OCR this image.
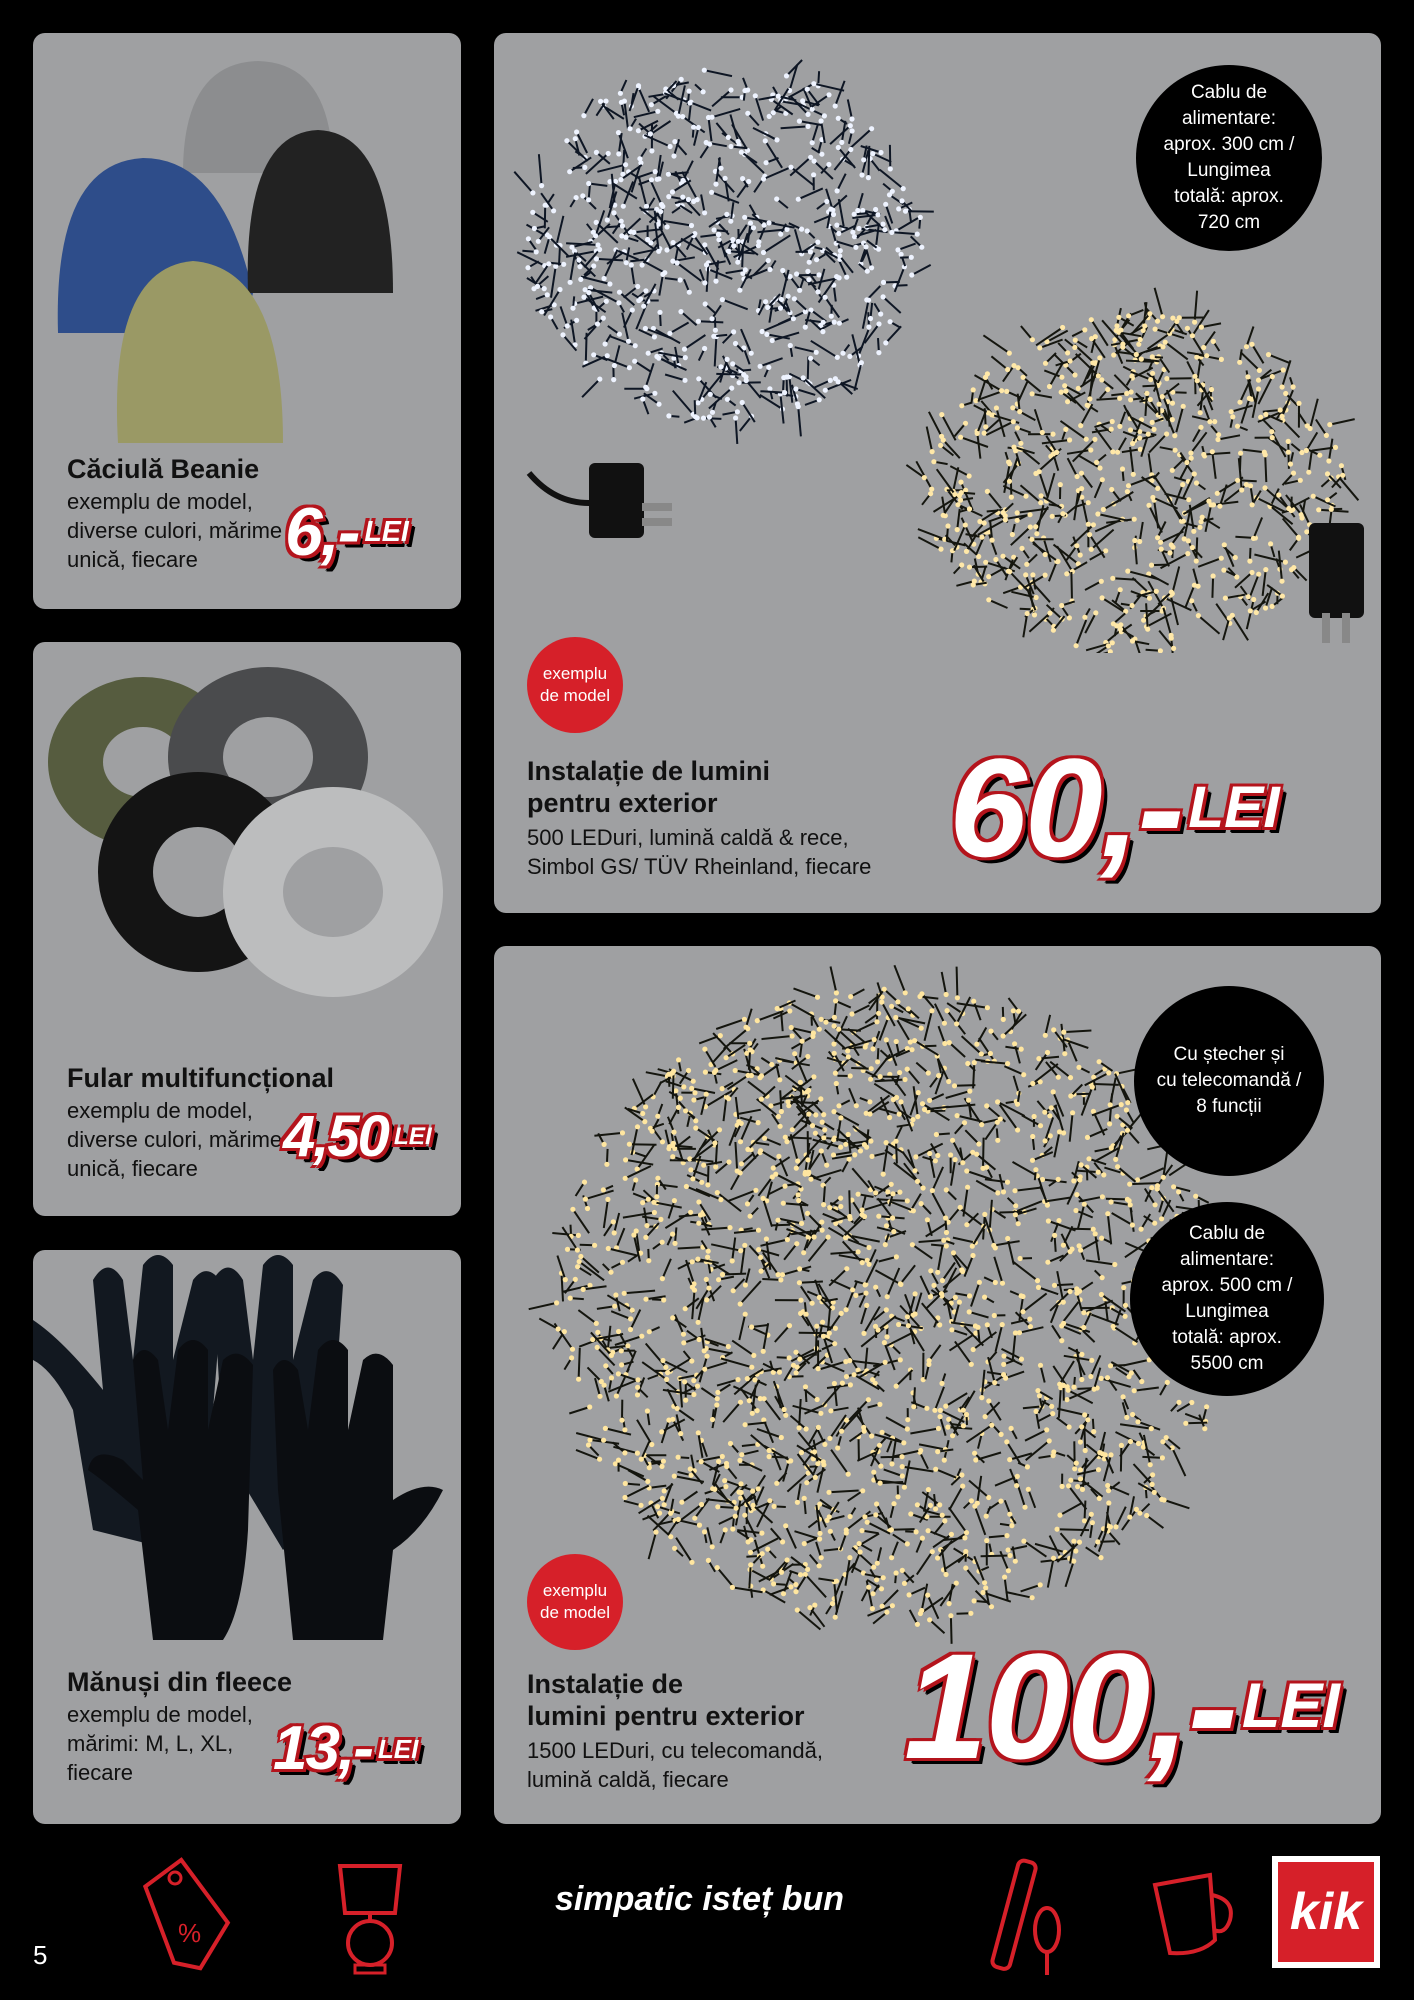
Căciulă Beanie
exemplu de model,
diverse culori, mărime
unică, fiecare	6,- $^{LEI}$
Fular multifuncțional
exemplu de model,
diverse culori, mărime
unică, fiecare	4,50 $^{LEI}$
Mănuși din fleece
exemplu de model,
mărimi: M, L, XL,
fiecare	13,- $^{LEI}$
Cablu de
alimentare:
aprox. 300 cm /
Lungimea
totală: aprox.
720 cm
exemplu
de model
Instalație de lumini
pentru exterior
500 LEDuri, lumină caldă & rece,
Simbol GS/ TÜV Rheinland, fiecare 60,- $^{LEI}$
Cu ștecher și
cu telecomandă /
8 funcții
Cablu de
alimentare:
aprox. 500 cm /
Lungimea
totală: aprox.
5500 cm
exemplu
de model
Instalație de
lumini pentru exterior
1500 LEDuri, cu telecomandă,
lumină caldă, fiecare	100,-$^{LEI}$
%
simpatic isteț bun	kik
5
